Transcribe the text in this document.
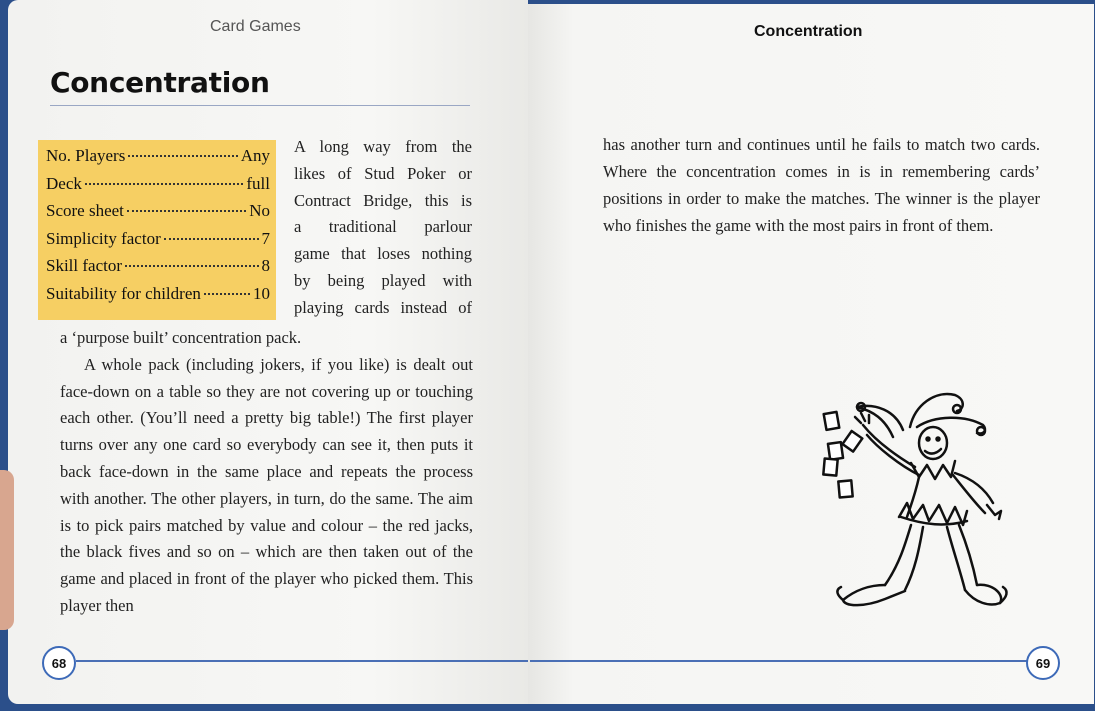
Card Games	Concentration
Concentration
No. Players	Any
Deck	full
Score sheet	No
Simplicity factor	7
Skill factor	8
Suitability for children	10

A long way from the

likes of Stud Poker or

Contract Bridge, this is

a traditional parlour

game that loses nothing

by being played with

playing cards instead of

a ‘purpose built’ concentration pack.

A whole pack (including jokers, if you like) is dealt out face-down on a table so they are not covering up or touching each other. (You’ll need a pretty big table!) The first player turns over any one card so everybody can see it, then puts it back face-down in the same place and repeats the process with another. The other players, in turn, do the same. The aim is to pick pairs matched by value and colour – the red jacks, the black fives and so on – which are then taken out of the game and placed in front of the player who picked them. This player then

has another turn and continues until he fails to match two cards. Where the concentration comes in is in remembering cards’ positions in order to make the matches. The winner is the player who finishes the game with the most pairs in front of them.

68	69
